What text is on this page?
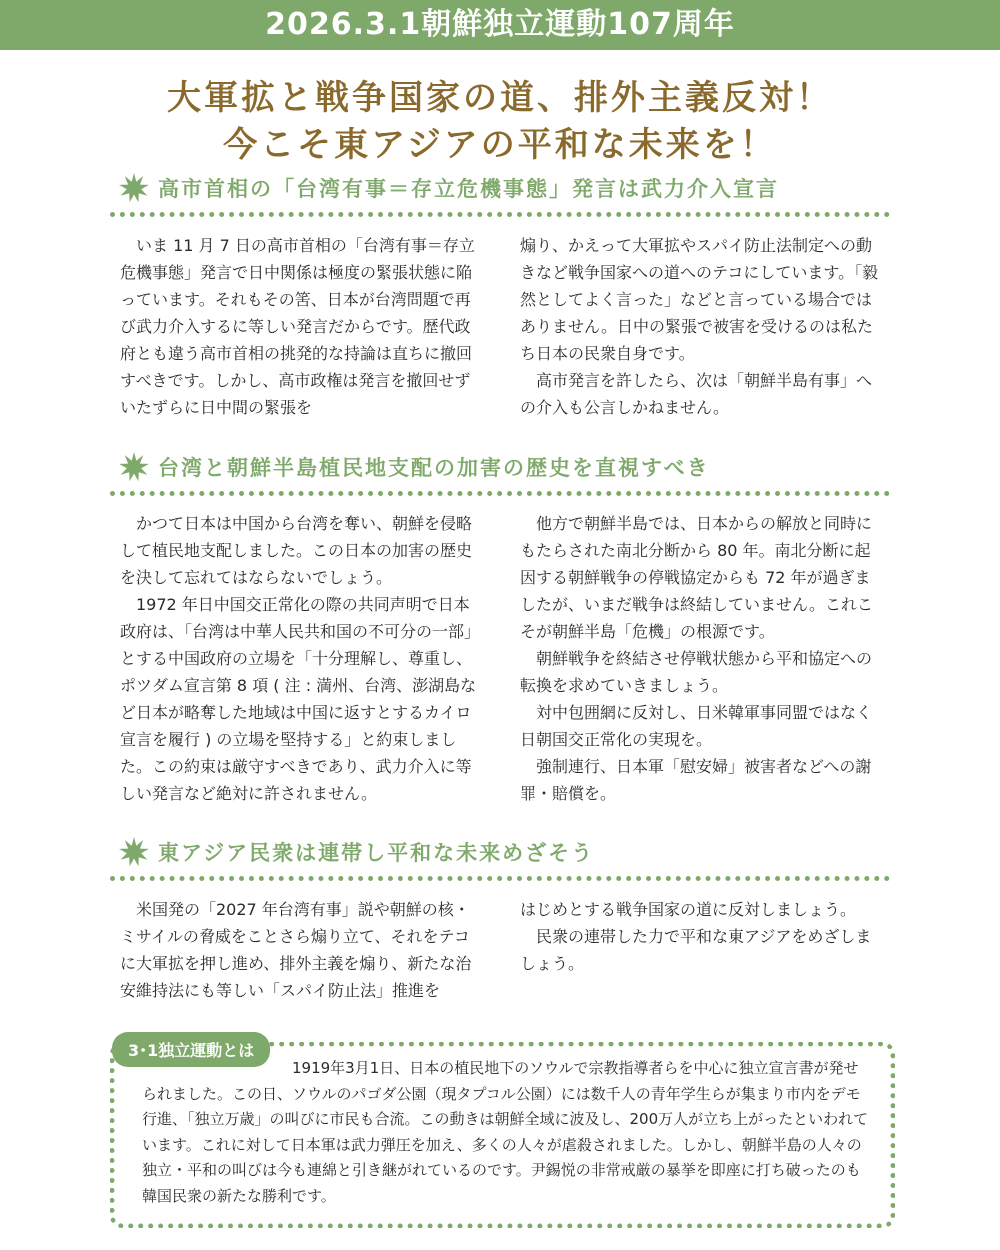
2026.3.1朝鮮独立運動107周年
大軍拡と戦争国家の道、排外主義反対！
今こそ東アジアの平和な未来を！
高市首相の「台湾有事＝存立危機事態」発言は武力介入宣言

いま 11 月 7 日の高市首相の「台湾有事＝存立危機事態」発言で日中関係は極度の緊張状態に陥っています。それもその筈、日本が台湾問題で再び武力介入するに等しい発言だからです。歴代政府とも違う高市首相の挑発的な持論は直ちに撤回すべきです。しかし、高市政権は発言を撤回せずいたずらに日中間の緊張を

煽り、かえって大軍拡やスパイ防止法制定への動きなど戦争国家への道へのテコにしています。「毅然としてよく言った」などと言っている場合ではありません。日中の緊張で被害を受けるのは私たち日本の民衆自身です。

高市発言を許したら、次は「朝鮮半島有事」への介入も公言しかねません。

台湾と朝鮮半島植民地支配の加害の歴史を直視すべき

かつて日本は中国から台湾を奪い、朝鮮を侵略して植民地支配しました。この日本の加害の歴史を決して忘れてはならないでしょう。

1972 年日中国交正常化の際の共同声明で日本政府は、「台湾は中華人民共和国の不可分の一部」とする中国政府の立場を「十分理解し、尊重し、ポツダム宣言第 8 項 ( 注 : 満州、台湾、澎湖島など日本が略奪した地域は中国に返すとするカイロ宣言を履行 ) の立場を堅持する」と約束しました。この約束は厳守すべきであり、武力介入に等しい発言など絶対に許されません。

他方で朝鮮半島では、日本からの解放と同時にもたらされた南北分断から 80 年。南北分断に起因する朝鮮戦争の停戦協定からも 72 年が過ぎましたが、いまだ戦争は終結していません。これこそが朝鮮半島「危機」の根源です。

朝鮮戦争を終結させ停戦状態から平和協定への転換を求めていきましょう。

対中包囲網に反対し、日米韓軍事同盟ではなく日朝国交正常化の実現を。

強制連行、日本軍「慰安婦」被害者などへの謝罪・賠償を。

東アジア民衆は連帯し平和な未来めざそう

米国発の「2027 年台湾有事」説や朝鮮の核・ミサイルの脅威をことさら煽り立て、それをテコに大軍拡を押し進め、排外主義を煽り、新たな治安維持法にも等しい「スパイ防止法」推進を

はじめとする戦争国家の道に反対しましょう。

民衆の連帯した力で平和な東アジアをめざしましょう。

3･1独立運動とは

1919年3月1日、日本の植民地下のソウルで宗教指導者らを中心に独立宣言書が発せられました。この日、ソウルのパゴダ公園（現タプコル公園）には数千人の青年学生らが集まり市内をデモ行進、「独立万歳」の叫びに市民も合流。この動きは朝鮮全域に波及し、200万人が立ち上がったといわれています。これに対して日本軍は武力弾圧を加え、多くの人々が虐殺されました。しかし、朝鮮半島の人々の独立・平和の叫びは今も連綿と引き継がれているのです。尹錫悦の非常戒厳の暴挙を即座に打ち破ったのも韓国民衆の新たな勝利です。
